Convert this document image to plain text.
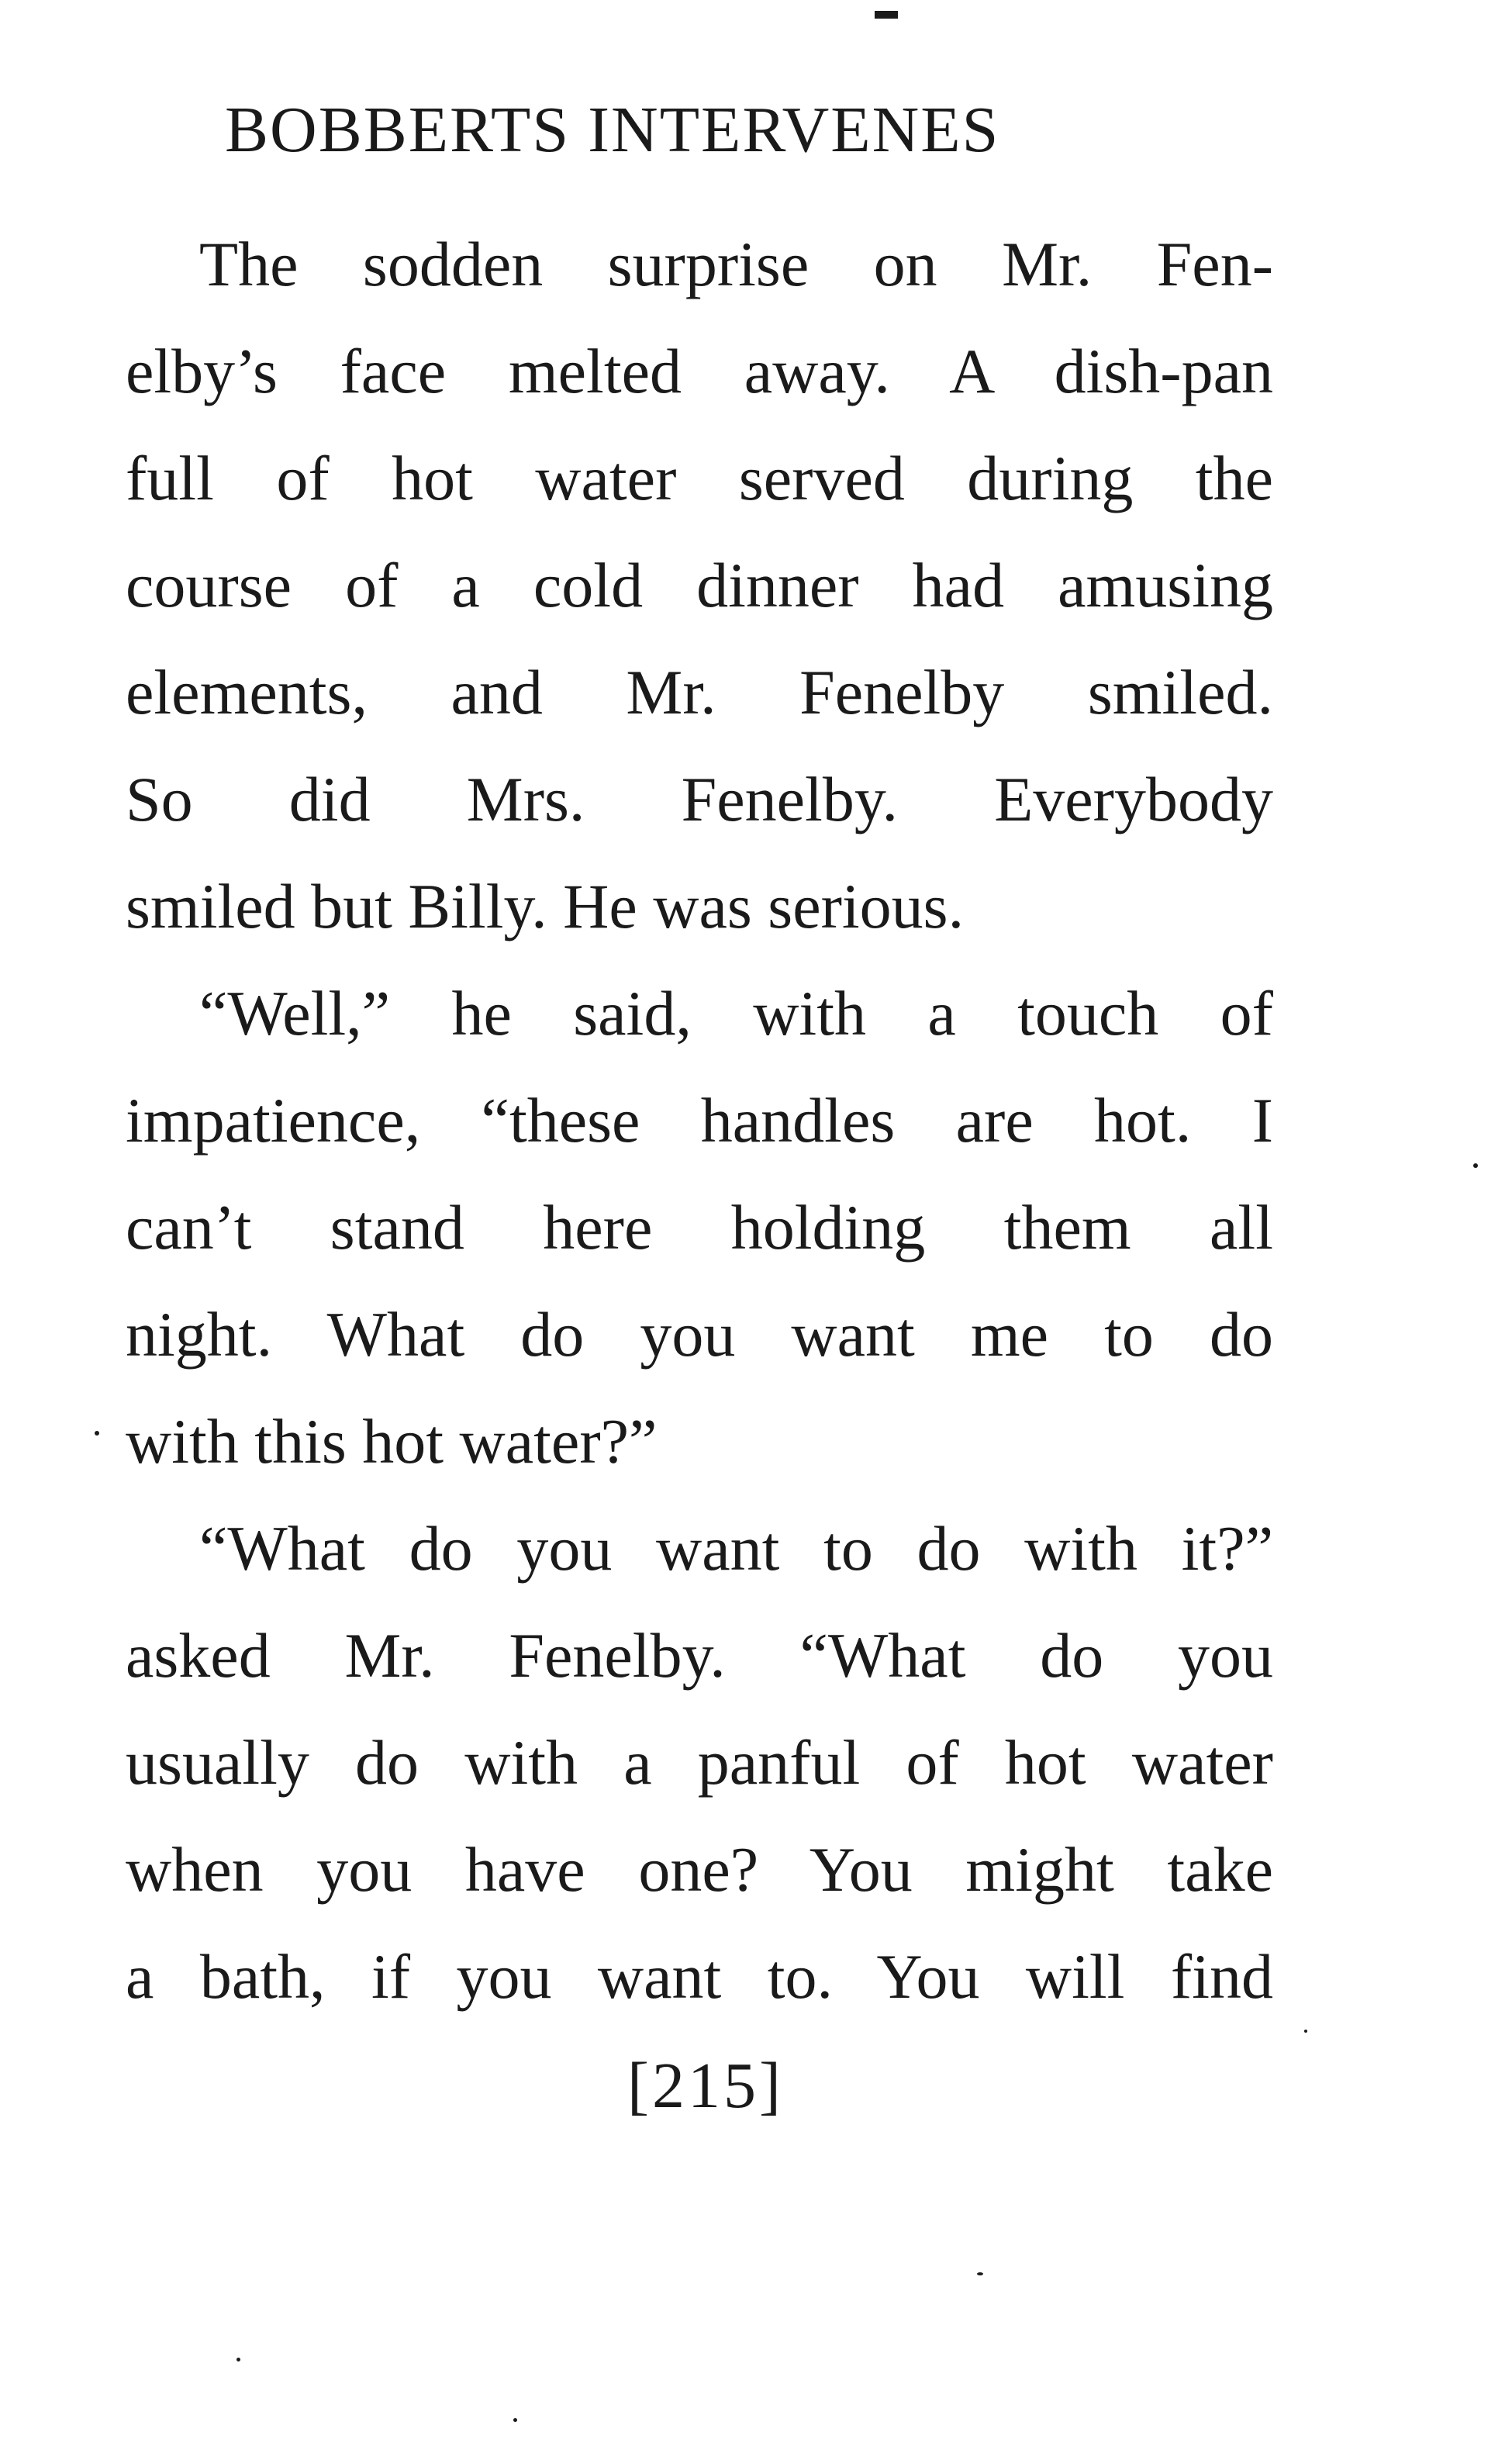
BOBBERTS INTERVENES
The sodden surprise on Mr. Fen-
elby’s face melted away. A dish-pan
full of hot water served during the
course of a cold dinner had amusing
elements, and Mr. Fenelby smiled.
So did Mrs. Fenelby. Everybody
smiled but Billy. He was serious.
“Well,” he said, with a touch of
impatience, “these handles are hot. I
can’t stand here holding them all
night. What do you want me to do
with this hot water?”
“What do you want to do with it?”
asked Mr. Fenelby. “What do you
usually do with a panful of hot water
when you have one? You might take
a bath, if you want to. You will find
[215]
